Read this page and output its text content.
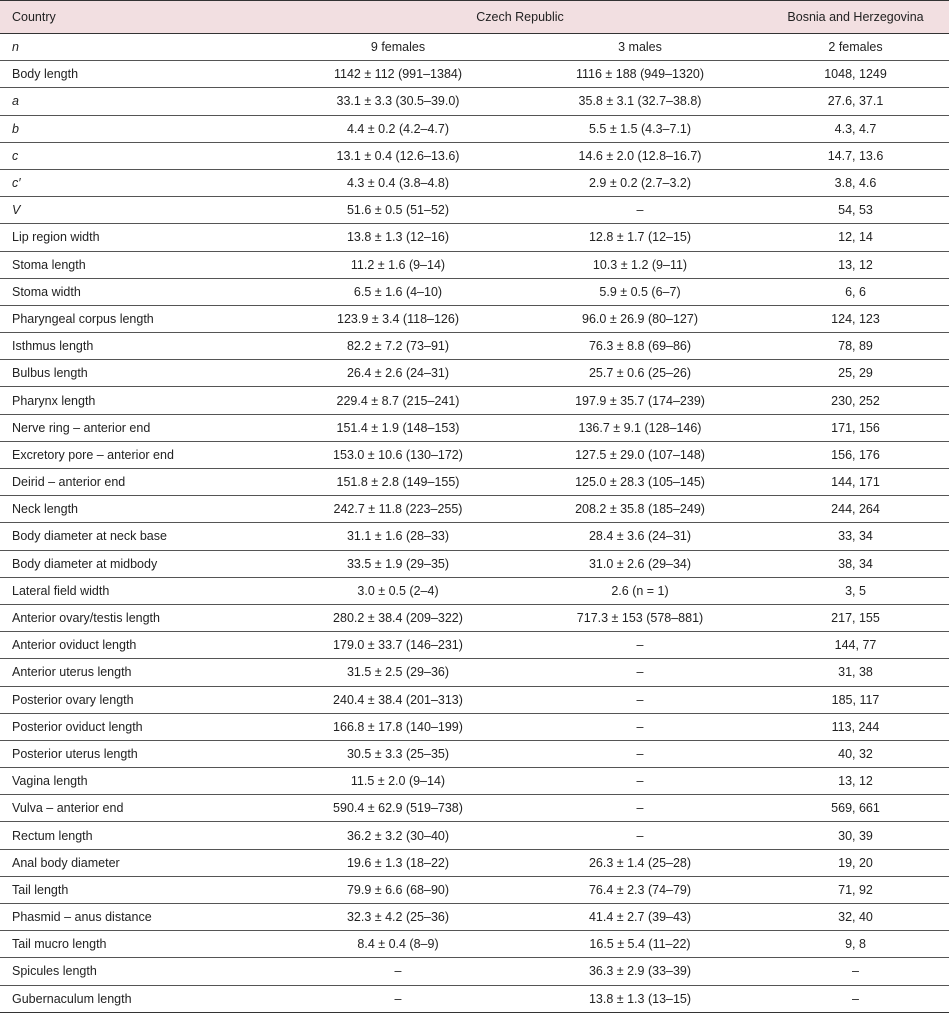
Country	Czech Republic		Bosnia and Herzegovina
n	9 females	3 males	2 females
Body length	1142 ± 112 (991–1384)	1116 ± 188 (949–1320)	1048, 1249
a	33.1 ± 3.3 (30.5–39.0)	35.8 ± 3.1 (32.7–38.8)	27.6, 37.1
b	4.4 ± 0.2 (4.2–4.7)	5.5 ± 1.5 (4.3–7.1)	4.3, 4.7
c	13.1 ± 0.4 (12.6–13.6)	14.6 ± 2.0 (12.8–16.7)	14.7, 13.6
c′	4.3 ± 0.4 (3.8–4.8)	2.9 ± 0.2 (2.7–3.2)	3.8, 4.6
V	51.6 ± 0.5 (51–52)	–	54, 53
Lip region width	13.8 ± 1.3 (12–16)	12.8 ± 1.7 (12–15)	12, 14
Stoma length	11.2 ± 1.6 (9–14)	10.3 ± 1.2 (9–11)	13, 12
Stoma width	6.5 ± 1.6 (4–10)	5.9 ± 0.5 (6–7)	6, 6
Pharyngeal corpus length	123.9 ± 3.4 (118–126)	96.0 ± 26.9 (80–127)	124, 123
Isthmus length	82.2 ± 7.2 (73–91)	76.3 ± 8.8 (69–86)	78, 89
Bulbus length	26.4 ± 2.6 (24–31)	25.7 ± 0.6 (25–26)	25, 29
Pharynx length	229.4 ± 8.7 (215–241)	197.9 ± 35.7 (174–239)	230, 252
Nerve ring – anterior end	151.4 ± 1.9 (148–153)	136.7 ± 9.1 (128–146)	171, 156
Excretory pore – anterior end	153.0 ± 10.6 (130–172)	127.5 ± 29.0 (107–148)	156, 176
Deirid – anterior end	151.8 ± 2.8 (149–155)	125.0 ± 28.3 (105–145)	144, 171
Neck length	242.7 ± 11.8 (223–255)	208.2 ± 35.8 (185–249)	244, 264
Body diameter at neck base	31.1 ± 1.6 (28–33)	28.4 ± 3.6 (24–31)	33, 34
Body diameter at midbody	33.5 ± 1.9 (29–35)	31.0 ± 2.6 (29–34)	38, 34
Lateral field width	3.0 ± 0.5 (2–4)	2.6 (n = 1)	3, 5
Anterior ovary/testis length	280.2 ± 38.4 (209–322)	717.3 ± 153 (578–881)	217, 155
Anterior oviduct length	179.0 ± 33.7 (146–231)	–	144, 77
Anterior uterus length	31.5 ± 2.5 (29–36)	–	31, 38
Posterior ovary length	240.4 ± 38.4 (201–313)	–	185, 117
Posterior oviduct length	166.8 ± 17.8 (140–199)	–	113, 244
Posterior uterus length	30.5 ± 3.3 (25–35)	–	40, 32
Vagina length	11.5 ± 2.0 (9–14)	–	13, 12
Vulva – anterior end	590.4 ± 62.9 (519–738)	–	569, 661
Rectum length	36.2 ± 3.2 (30–40)	–	30, 39
Anal body diameter	19.6 ± 1.3 (18–22)	26.3 ± 1.4 (25–28)	19, 20
Tail length	79.9 ± 6.6 (68–90)	76.4 ± 2.3 (74–79)	71, 92
Phasmid – anus distance	32.3 ± 4.2 (25–36)	41.4 ± 2.7 (39–43)	32, 40
Tail mucro length	8.4 ± 0.4 (8–9)	16.5 ± 5.4 (11–22)	9, 8
Spicules length	–	36.3 ± 2.9 (33–39)	–
Gubernaculum length	–	13.8 ± 1.3 (13–15)	–
